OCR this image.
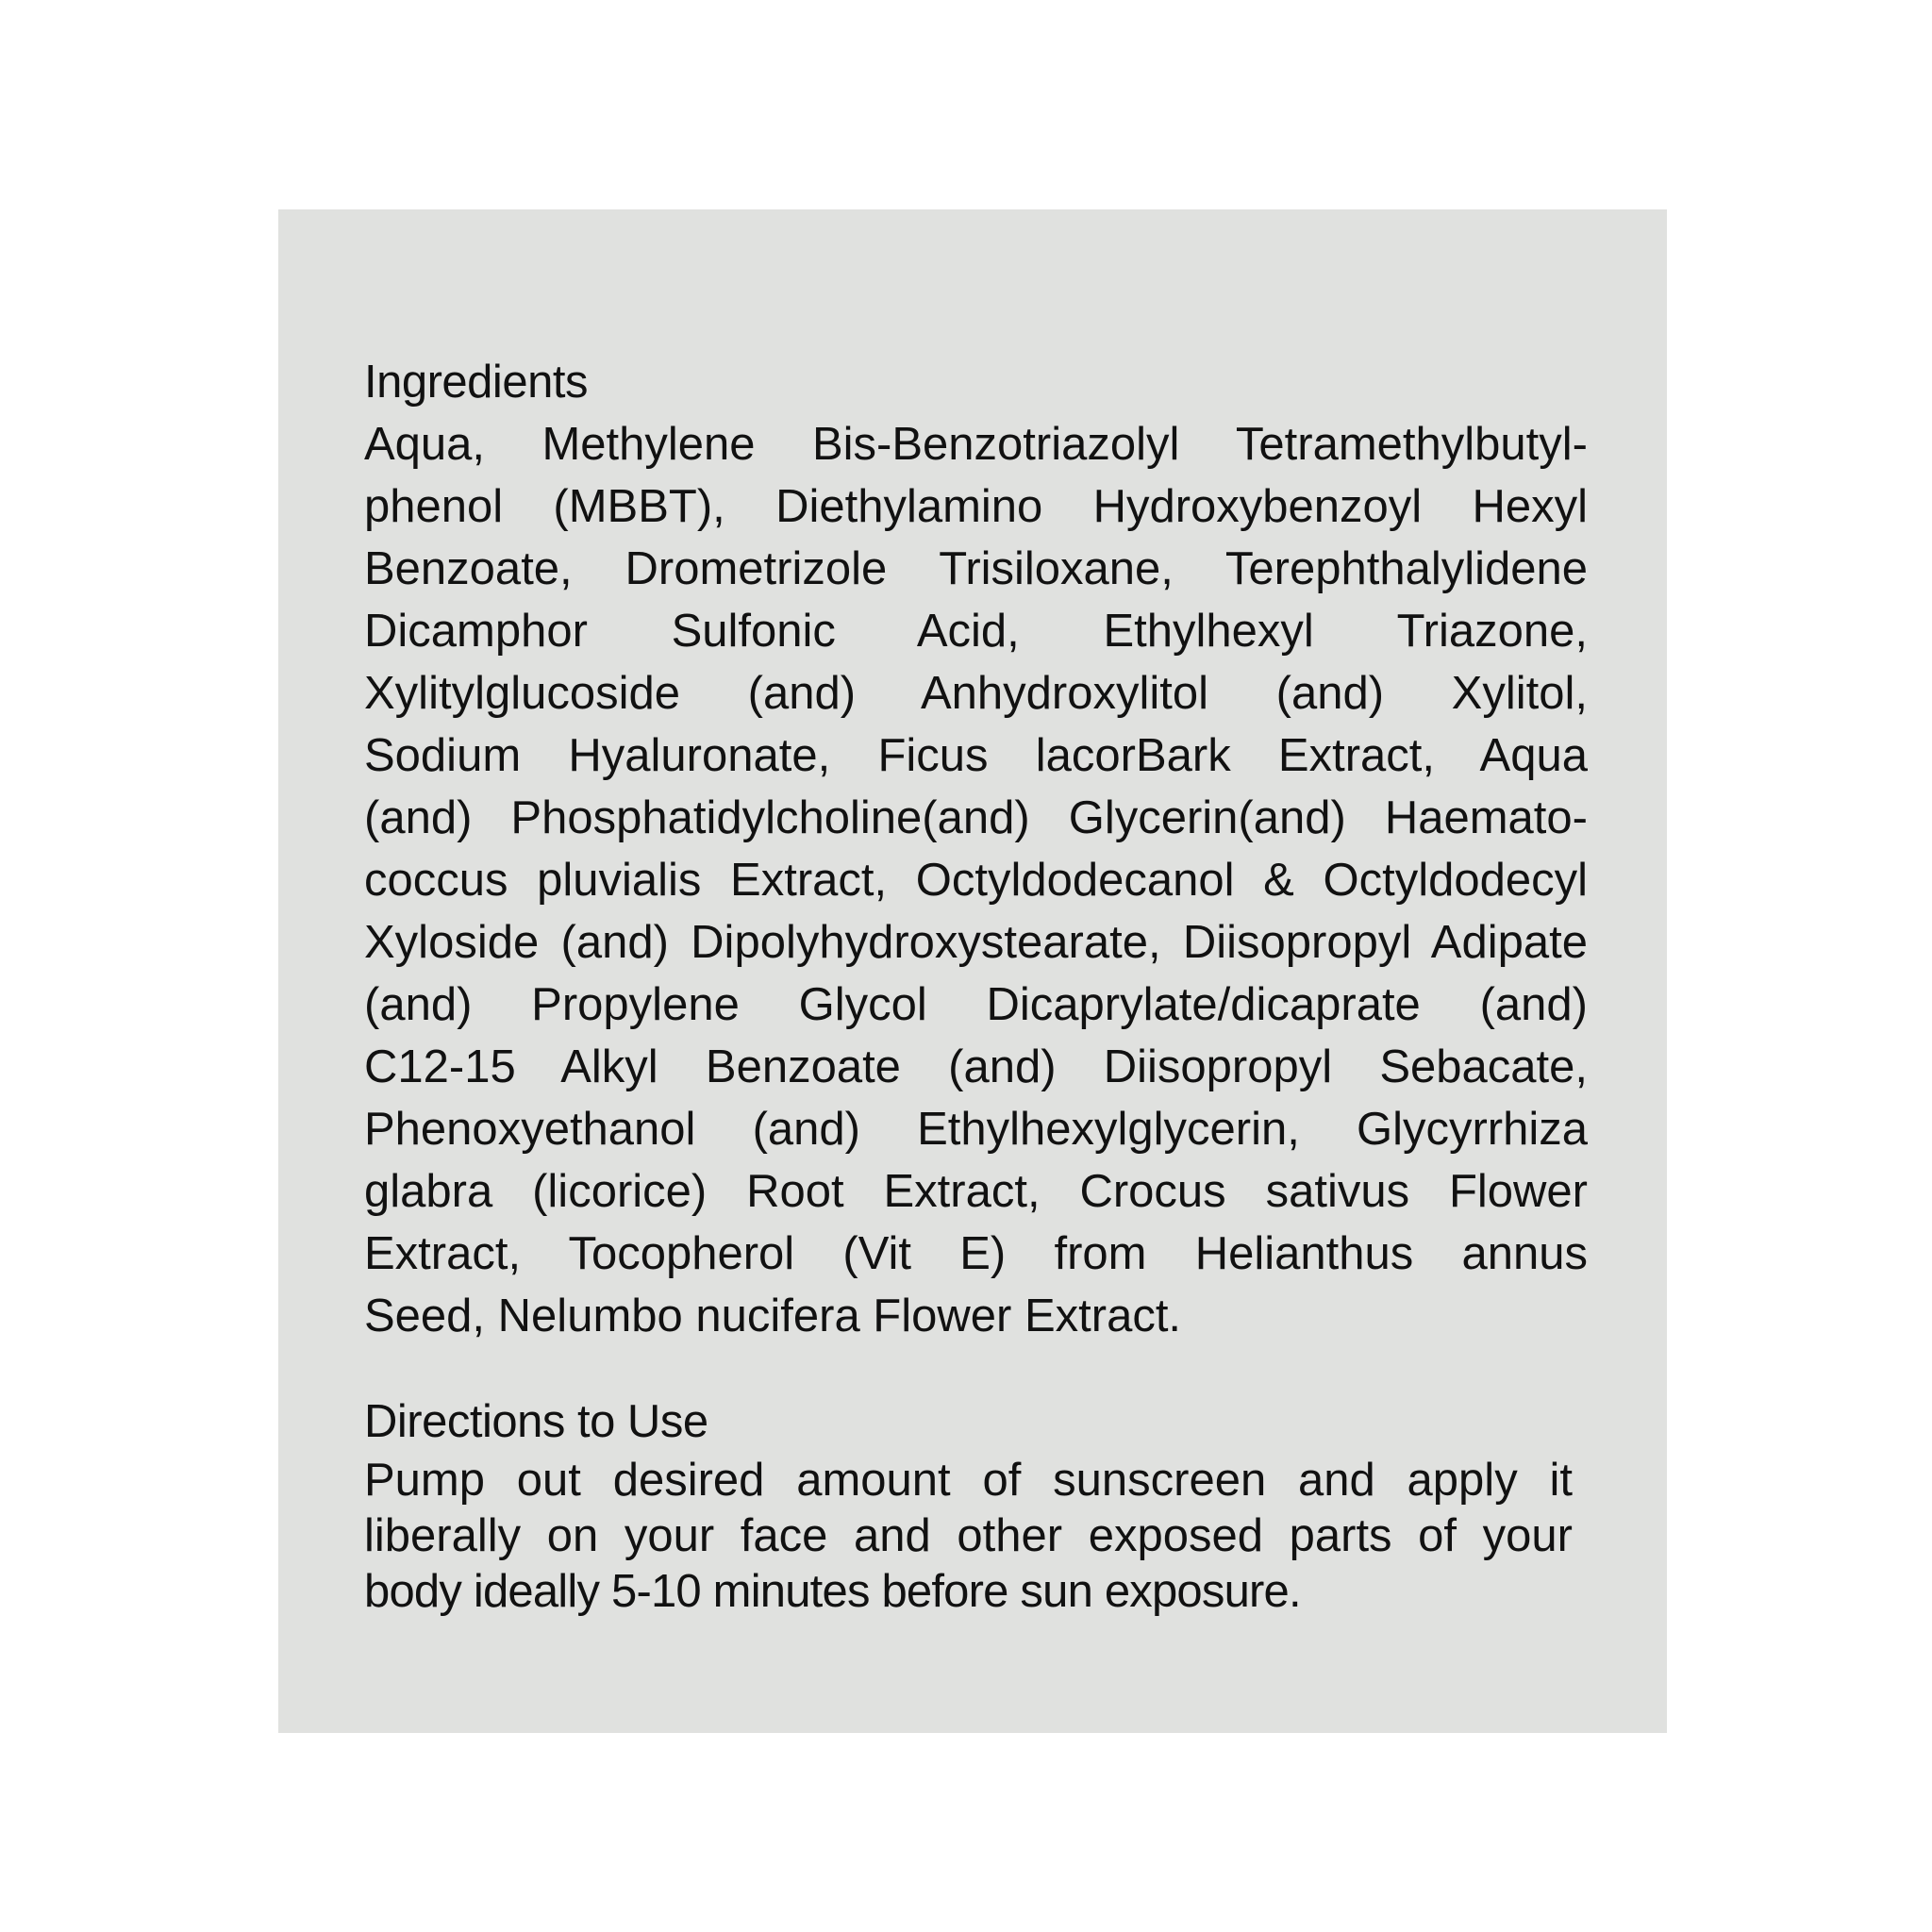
Ingredients
Aqua, Methylene Bis-Benzotriazolyl Tetramethylbutyl-
phenol (MBBT), Diethylamino Hydroxybenzoyl Hexyl
Benzoate, Drometrizole Trisiloxane, Terephthalylidene
Dicamphor Sulfonic Acid, Ethylhexyl Triazone,
Xylitylglucoside (and) Anhydroxylitol (and) Xylitol,
Sodium Hyaluronate, Ficus lacorBark Extract, Aqua
(and) Phosphatidylcholine(and) Glycerin(and) Haemato-
coccus pluvialis Extract, Octyldodecanol & Octyldodecyl
Xyloside (and) Dipolyhydroxystearate, Diisopropyl Adipate
(and) Propylene Glycol Dicaprylate/dicaprate (and)
C12-15 Alkyl Benzoate (and) Diisopropyl Sebacate,
Phenoxyethanol (and) Ethylhexylglycerin, Glycyrrhiza
glabra (licorice) Root Extract, Crocus sativus Flower
Extract, Tocopherol (Vit E) from Helianthus annus
Seed, Nelumbo nucifera Flower Extract.
Directions to Use
Pump out desired amount of sunscreen and apply it
liberally on your face and other exposed parts of your
body ideally 5-10 minutes before sun exposure.
